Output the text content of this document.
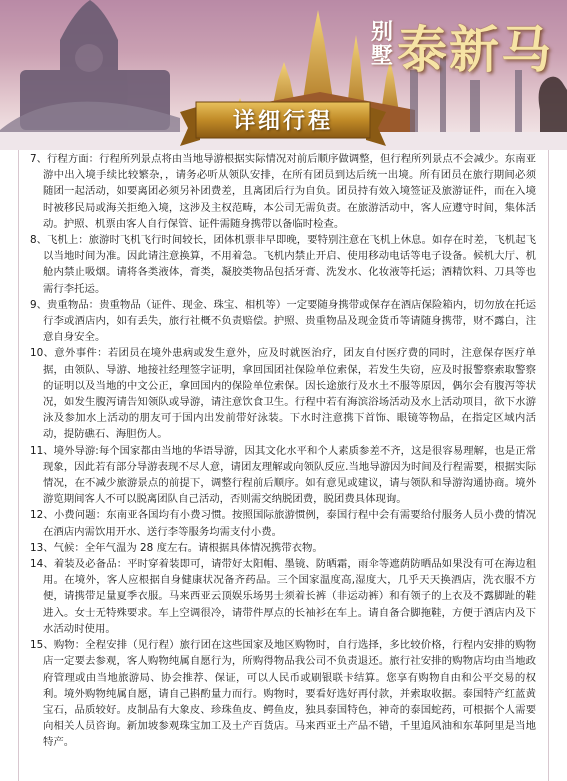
别
墅 泰新马
详细行程
7、行程方面：行程所列景点将由当地导游根据实际情况对前后顺序做调整，但行程所列景点不会减少。东南亚游中出入境手续比较繁杂，，请务必听从领队安排，在所有团员到达后统一出境。所有团员在旅行期间必须随团一起活动，如要离团必须另补团费差，且离团后行为自负。团员持有效入境签证及旅游证件，而在入境时被移民局或海关拒绝入境，这涉及主权范畴，本公司无需负责。在旅游活动中，客人应遵守时间，集体活动。护照、机票由客人自行保管、证件需随身携带以备临时检查。
8、飞机上：旅游时飞机飞行时间较长，团体机票非早即晚，要特别注意在飞机上休息。如存在时差，飞机起飞以当地时间为准。因此请注意换算，不用着急。飞机内禁止开启、使用移动电话等电子设备。候机大厅、机舱内禁止吸烟。请将各类液体，膏类，凝胶类物品包括牙膏、洗发水、化妆液等托运；酒精饮料、刀具等也需行李托运。
9、贵重物品：贵重物品（证件、现金、珠宝、相机等）一定要随身携带或保存在酒店保险箱内，切勿放在托运行李或酒店内，如有丢失，旅行社概不负责赔偿。护照、贵重物品及现金货币等请随身携带，财不露白，注意自身安全。
10、意外事件：若团员在境外患病或发生意外，应及时就医治疗，团友自付医疗费的同时，注意保存医疗单据，由领队、导游、地接社经理签字证明，拿回国团社保险单位索保，若发生失窃，应及时报警察索取警察的证明以及当地的中文公正，拿回国内的保险单位索保。因长途旅行及水土不服等原因，偶尔会有腹泻等状况，如发生腹泻请告知领队或导游，请注意饮食卫生。行程中若有海滨浴场活动及水上活动项目，欲下水游泳及参加水上活动的朋友可于国内出发前带好泳装。下水时注意携下首饰、眼镜等物品，在指定区域内活动，提防礁石、海胆伤人。
11、境外导游:每个国家都由当地的华语导游，因其文化水平和个人素质参差不齐，这是很容易理解，也是正常现象，因此若有部分导游表现不尽人意，请团友理解或向领队反应.当地导游因为时间及行程需要，根据实际情况，在不减少旅游景点的前提下，调整行程前后顺序。如有意见或建议，请与领队和导游沟通协商。境外游览期间客人不可以脱离团队自己活动，否则需交纳脱团费，脱团费具体现询。
12、小费问题：东南亚各国均有小费习惯。按照国际旅游惯例，泰国行程中会有需要给付服务人员小费的情况在酒店内需饮用开水、送行李等服务均需支付小费。
13、气候：全年气温为 28 度左右。请根据具体情况携带衣物。
14、着装及必备品：平时穿着装即可，请带好太阳帽、墨镜、防晒霜，雨伞等遮荫防晒品如果没有可在海边租用。在境外，客人应根据自身健康状况备齐药品。三个国家温度高,湿度大，几乎天天换酒店，洗衣服不方便，请携带足量夏季衣服。马来西亚云顶娱乐场男士须着长裤（非运动裤）和有领子的上衣及不露脚趾的鞋进入。女士无特殊要求。车上空调很冷，请带件厚点的长袖衫在车上。请自备合脚拖鞋，方便于酒店内及下水活动时使用。
15、购物：全程安排（见行程）旅行团在这些国家及地区购物时，自行选择，多比较价格，行程内安排的购物店一定要去参观，客人购物纯属自愿行为，所购得物品我公司不负责退还。旅行社安排的购物店均由当地政府管理或由当地旅游局、协会推荐、保证，可以人民币或刷银联卡结算。您享有购物自由和公平交易的权利。境外购物纯属自愿，请自己斟酌量力而行。购物时，要看好选好再付款，并索取收据。泰国特产红蓝黄宝石，品质较好。皮制品有大象皮、珍珠鱼皮、鳄鱼皮，独具泰国特色，神奇的泰国蛇药，可根据个人需要向相关人员咨询。新加坡参观珠宝加工及土产百货店。马来西亚土产品不错，千里追风油和东革阿里是当地特产。
